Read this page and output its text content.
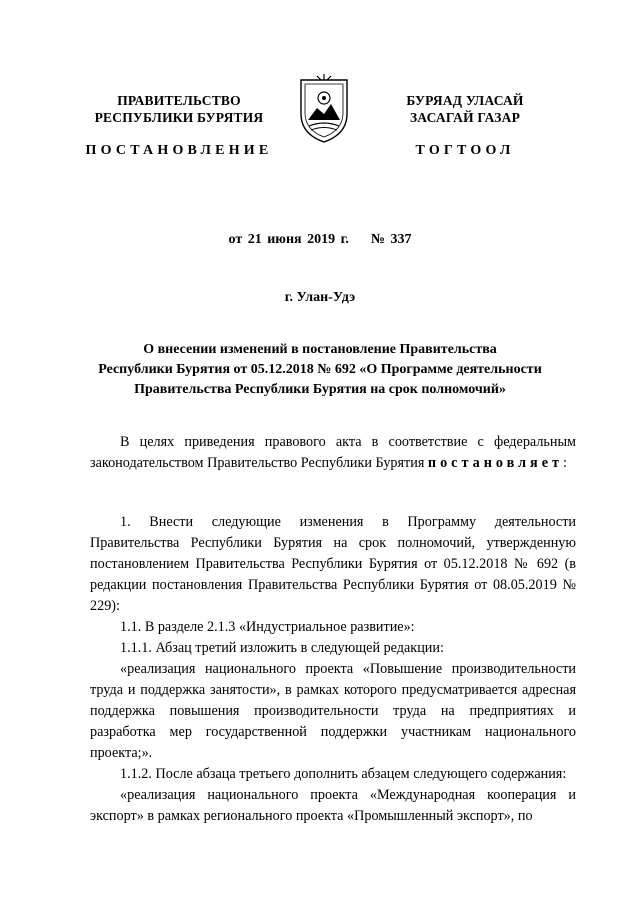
ПРАВИТЕЛЬСТВО
РЕСПУБЛИКИ БУРЯТИЯ
ПОСТАНОВЛЕНИЕ
БУРЯАД УЛАСАЙ
ЗАСАГАЙ ГАЗАР
ТОГТООЛ
от 21 июня 2019 г.    № 337
г. Улан-Удэ
О внесении изменений в постановление Правительства
Республики Бурятия от 05.12.2018 № 692 «О Программе деятельности
Правительства Республики Бурятия на срок полномочий»

В целях приведения правового акта в соответствие с федеральным законодательством Правительство Республики Бурятия постановляет:

1. Внести следующие изменения в Программу деятельности Правительства Республики Бурятия на срок полномочий, утвержденную постановлением Правительства Республики Бурятия от 05.12.2018 № 692 (в редакции постановления Правительства Республики Бурятия от 08.05.2019 № 229):

1.1. В разделе 2.1.3 «Индустриальное развитие»:

1.1.1. Абзац третий изложить в следующей редакции:

«реализация национального проекта «Повышение производительности труда и поддержка занятости», в рамках которого предусматривается адресная поддержка повышения производительности труда на предприятиях и разработка мер государственной поддержки участникам национального проекта;».

1.1.2. После абзаца третьего дополнить абзацем следующего содержания:

«реализация национального проекта «Международная кооперация и экспорт» в рамках регионального проекта «Промышленный экспорт», по
